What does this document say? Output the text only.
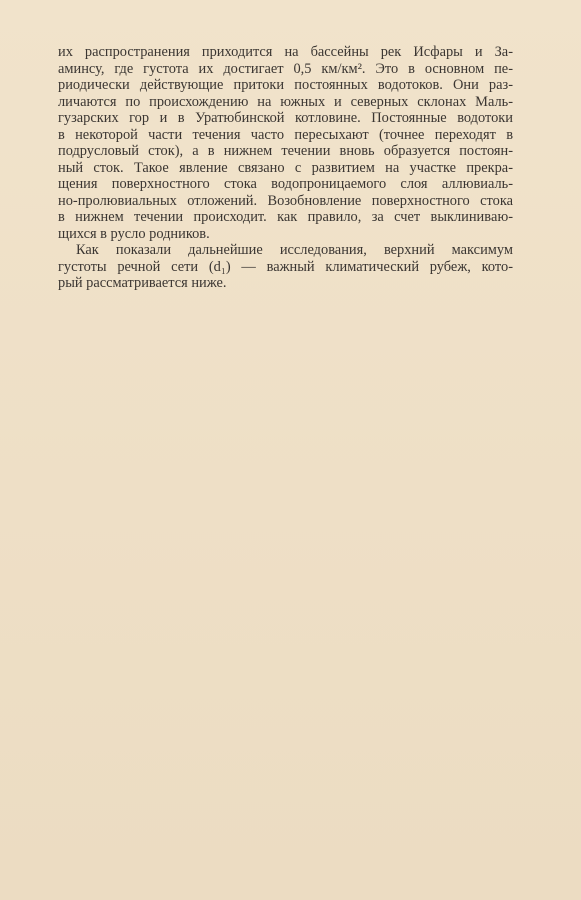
их распространения приходится на бассейны рек Исфары и За-
аминсу, где густота их достигает 0,5 км/км². Это в основном пе-
риодически действующие притоки постоянных водотоков. Они раз-
личаются по происхождению на южных и северных склонах Маль-
гузарских гор и в Уратюбинской котловине. Постоянные водотоки
в некоторой части течения часто пересыхают (точнее переходят в
подрусловый сток), а в нижнем течении вновь образуется постоян-
ный сток. Такое явление связано с развитием на участке прекра-
щения поверхностного стока водопроницаемого слоя аллювиаль-
но-пролювиальных отложений. Возобновление поверхностного стока
в нижнем течении происходит. как правило, за счет выклинивaю-
щихся в русло родников.
Как показали дальнейшие исследования, верхний максимум
густоты речной сети (d₁) — важный климатический рубеж, кото-
рый рассматривается ниже.
